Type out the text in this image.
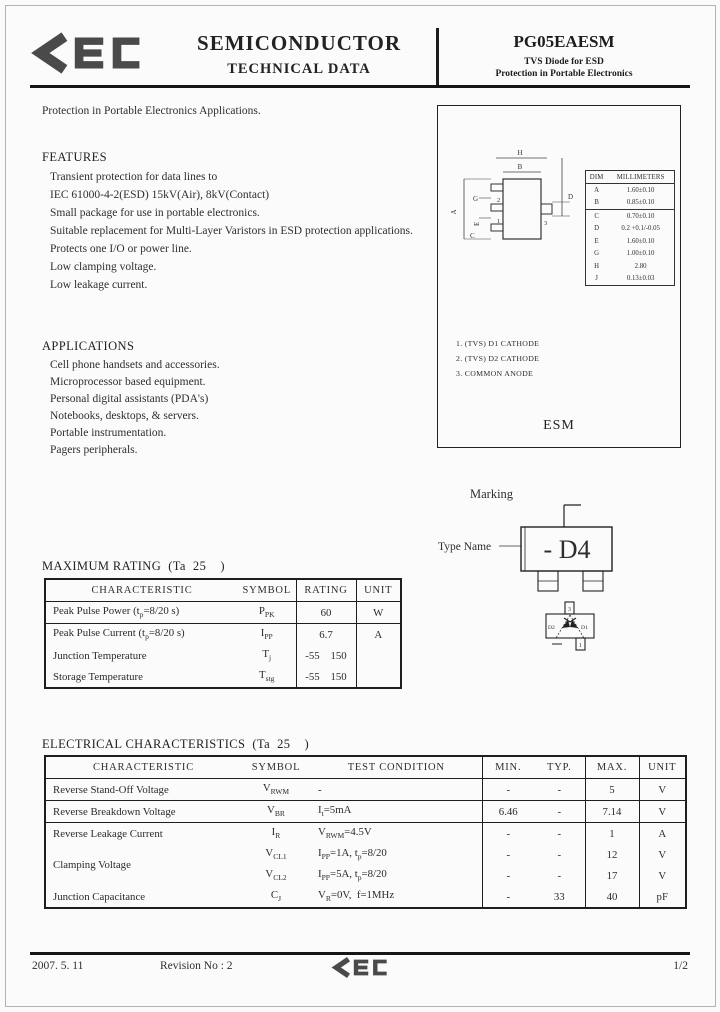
SEMICONDUCTOR
TECHNICAL DATA
PG05EAESM
TVS Diode for ESD
Protection in Portable Electronics
Protection in Portable Electronics Applications.
FEATURES
Transient protection for data lines to
IEC 61000-4-2(ESD) 15kV(Air), 8kV(Contact)
Small package for use in portable electronics.
Suitable replacement for Multi-Layer Varistors in ESD protection applications.
Protects one I/O or power line.
Low clamping voltage.
Low leakage current.
APPLICATIONS
Cell phone handsets and accessories.
Microprocessor based equipment.
Personal digital assistants (PDA's)
Notebooks, desktops, & servers.
Portable instrumentation.
Pagers peripherals.
H
B
A
G
E
C
D
2
1	3
DIM	MILLIMETERS
A	1.60±0.10
B	0.85±0.10
C	0.70±0.10
D	0.2 +0.1/-0.05
E	1.60±0.10
G	1.00±0.10
H	2.80
J	0.13±0.03
1. (TVS) D1 CATHODE
2. (TVS) D2 CATHODE
3. COMMON ANODE
ESM
Marking
Type Name - D4
3
1
D2	D1
MAXIMUM RATING  (Ta  25    )
CHARACTERISTIC	SYMBOL	RATING	UNIT
Peak Pulse Power ($t_p=8/20$ s)	$P_{PK}$	60	W
Peak Pulse Current ($t_p=8/20$ s)	$I_{PP}$	6.7	A
Junction Temperature	$T_j$	-55    150	
Storage Temperature	$T_{stg}$	-55    150	
ELECTRICAL CHARACTERISTICS  (Ta  25    )
CHARACTERISTIC	SYMBOL	TEST CONDITION	MIN.	TYP.	MAX.	UNIT
Reverse Stand-Off Voltage	$V_{RWM}$	-	-	-	5	V
Reverse Breakdown Voltage	$V_{BR}$	$I_t=5mA$	6.46	-	7.14	V
Reverse Leakage Current	$I_R$	$V_{RWM}=4.5V$	-	-	1	A
Clamping Voltage	$V_{CL1}$	$I_{PP}=1A$, $t_p=8/20$	-	-	12	V
	$V_{CL2}$	$I_{PP}=5A$, $t_p=8/20$	-	-	17	V
Junction Capacitance	$C_J$	$V_R=0V$,  f=1MHz	-	33	40	pF
2007. 5. 11	Revision No : 2	1/2
